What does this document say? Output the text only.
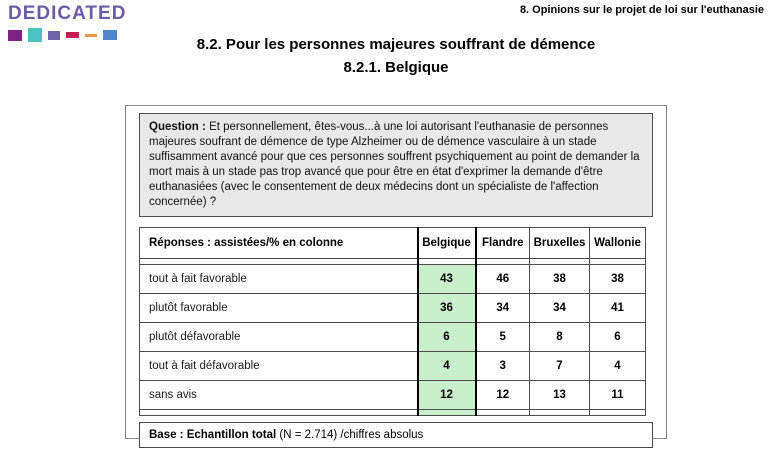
DEDICATED	8. Opinions sur le projet de loi sur l'euthanasie
8.2. Pour les personnes majeures souffrant de démence
8.2.1. Belgique
Question : Et personnellement, êtes-vous...à une loi autorisant l'euthanasie de personnes majeures soufrant de démence de type Alzheimer ou de démence vasculaire à un stade suffisamment avancé pour que ces personnes souffrent psychiquement au point de demander la mort mais à un stade pas trop avancé que pour être en état d'exprimer la demande d'être euthanasiées (avec le consentement de deux médecins dont un spécialiste de l'affection concernée) ?
Réponses : assistées/% en colonne	Belgique	Flandre	Bruxelles	Wallonie

tout à fait favorable	43	46	38	38
plutôt favorable	36	34	34	41
plutôt défavorable	6	5	8	6
tout à fait défavorable	4	3	7	4
sans avis	12	12	13	11

Base : Echantillon total (N = 2.714) /chiffres absolus
